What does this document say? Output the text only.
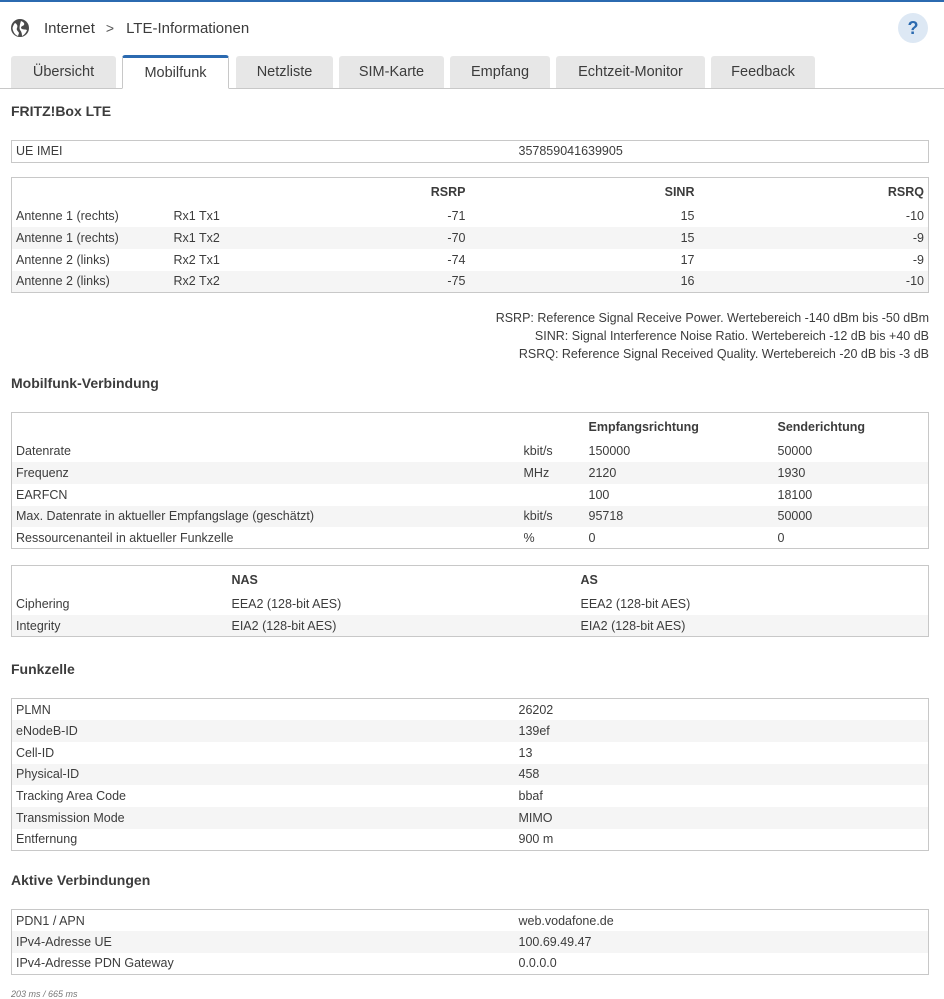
Internet > LTE-Informationen	?
Übersicht	Mobilfunk	Netzliste	SIM-Karte	Empfang	Echtzeit-Monitor	Feedback
FRITZ!Box LTE
UE IMEI	357859041639905
		RSRP	SINR	RSRQ
Antenne 1 (rechts)	Rx1 Tx1	-71	15	-10
Antenne 1 (rechts)	Rx1 Tx2	-70	15	-9
Antenne 2 (links)	Rx2 Tx1	-74	17	-9
Antenne 2 (links)	Rx2 Tx2	-75	16	-10
RSRP: Reference Signal Receive Power. Wertebereich -140 dBm bis -50 dBm
SINR: Signal Interference Noise Ratio. Wertebereich -12 dB bis +40 dB
RSRQ: Reference Signal Received Quality. Wertebereich -20 dB bis -3 dB
Mobilfunk-Verbindung
		Empfangsrichtung	Senderichtung
Datenrate	kbit/s	150000	50000
Frequenz	MHz	2120	1930
EARFCN		100	18100
Max. Datenrate in aktueller Empfangslage (geschätzt)	kbit/s	95718	50000
Ressourcenanteil in aktueller Funkzelle	%	0	0
	NAS	AS
Ciphering	EEA2 (128-bit AES)	EEA2 (128-bit AES)
Integrity	EIA2 (128-bit AES)	EIA2 (128-bit AES)
Funkzelle
PLMN	26202
eNodeB-ID	139ef
Cell-ID	13
Physical-ID	458
Tracking Area Code	bbaf
Transmission Mode	MIMO
Entfernung	900 m
Aktive Verbindungen
PDN1 / APN	web.vodafone.de
IPv4-Adresse UE	100.69.49.47
IPv4-Adresse PDN Gateway	0.0.0.0
203 ms / 665 ms
